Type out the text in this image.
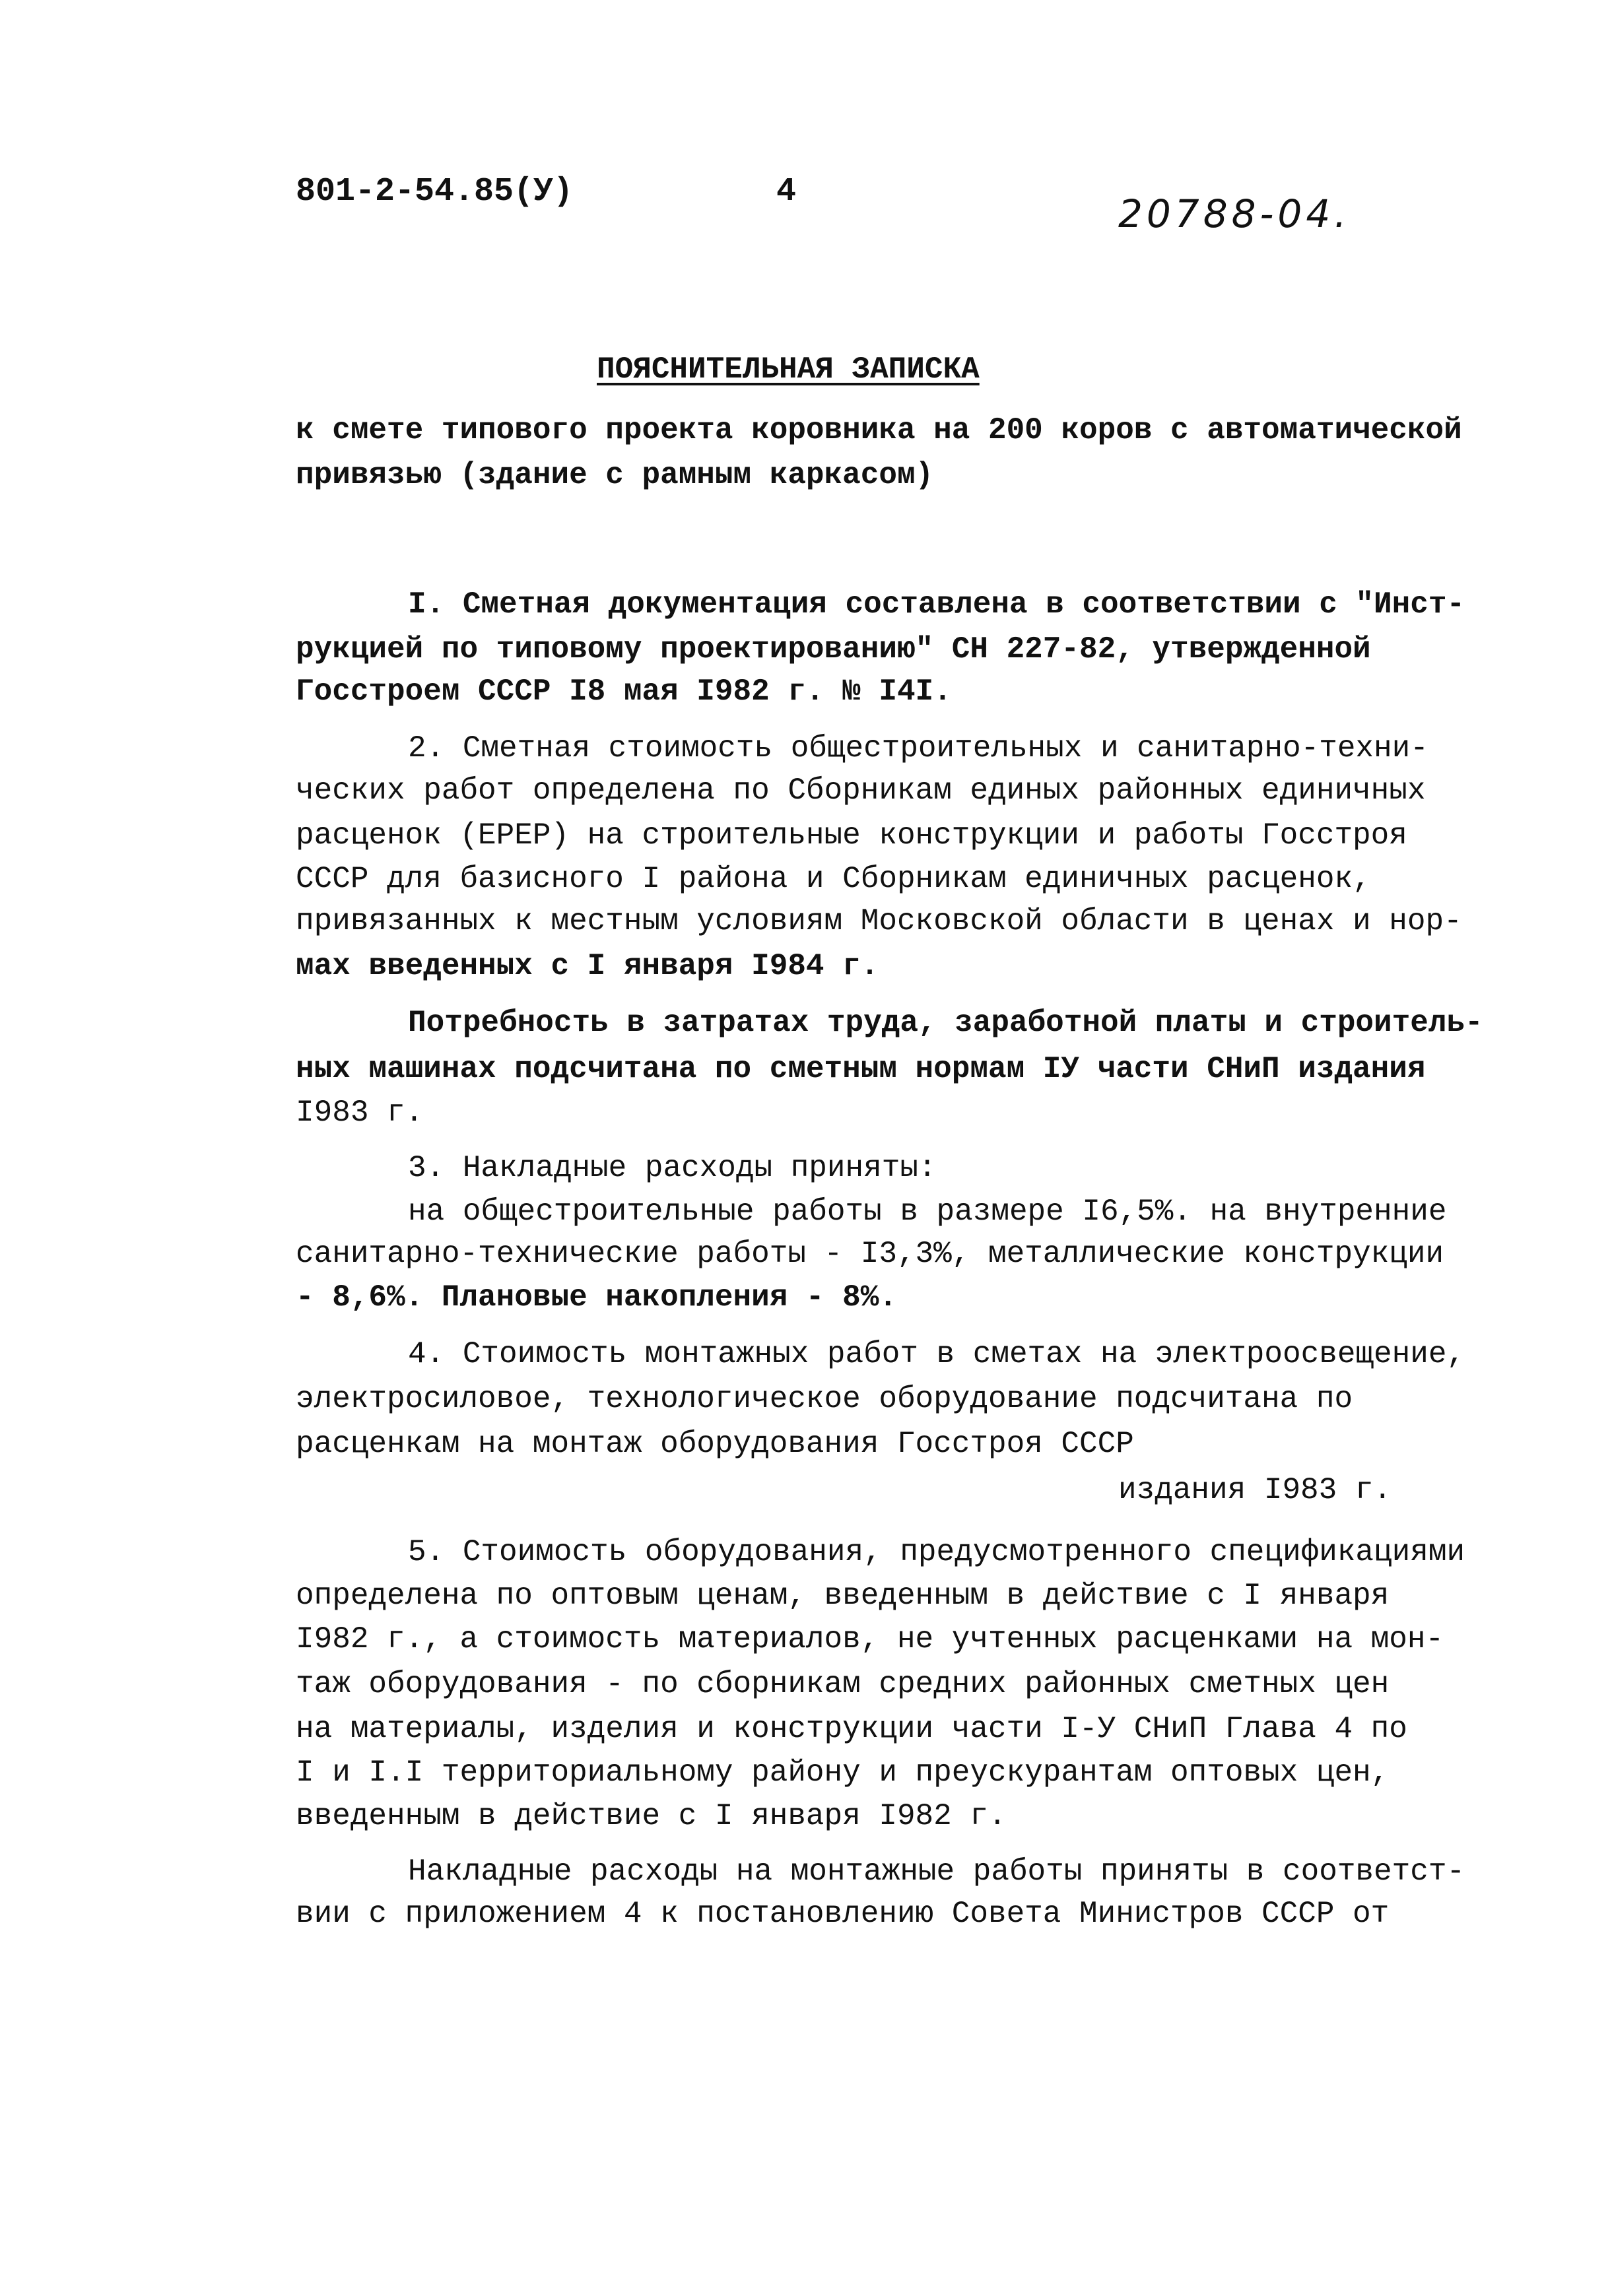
801-2-54.85(У)	4	20788-04.
ПОЯСНИТЕЛЬНАЯ ЗАПИСКА
к смете типового проекта коровника на 200 коров с автоматической
привязью (здание с рамным каркасом)
I. Сметная документация составлена в соответствии с "Инст-
рукцией по типовому проектированию" СН 227-82, утвержденной
Госстроем СССР I8 мая I982 г. № I4I.
2. Сметная стоимость общестроительных и санитарно-техни-
ческих работ определена по Сборникам единых районных единичных
расценок (ЕРЕР) на строительные конструкции и работы Госстроя
СССР для базисного I района и Сборникам единичных расценок,
привязанных к местным условиям Московской области в ценах и нор-
мах введенных с I января I984 г.
Потребность в затратах труда, заработной платы и строитель-
ных машинах подсчитана по сметным нормам IУ части СНиП издания
I983 г.
3. Накладные расходы приняты:
на общестроительные работы в размере I6,5%. на внутренние
санитарно-технические работы - I3,3%, металлические конструкции
- 8,6%. Плановые накопления - 8%.
4. Стоимость монтажных работ в сметах на электроосвещение,
электросиловое, технологическое оборудование подсчитана по
расценкам на монтаж оборудования Госстроя СССР
издания I983 г.
5. Стоимость оборудования, предусмотренного спецификациями
определена по оптовым ценам, введенным в действие с I января
I982 г., а стоимость материалов, не учтенных расценками на мон-
таж оборудования - по сборникам средних районных сметных цен
на материалы, изделия и конструкции части I-У СНиП Глава 4 по
I и I.I территориальному району и преускурантам оптовых цен,
введенным в действие с I января I982 г.
Накладные расходы на монтажные работы приняты в соответст-
вии с приложением 4 к постановлению Совета Министров СССР от
